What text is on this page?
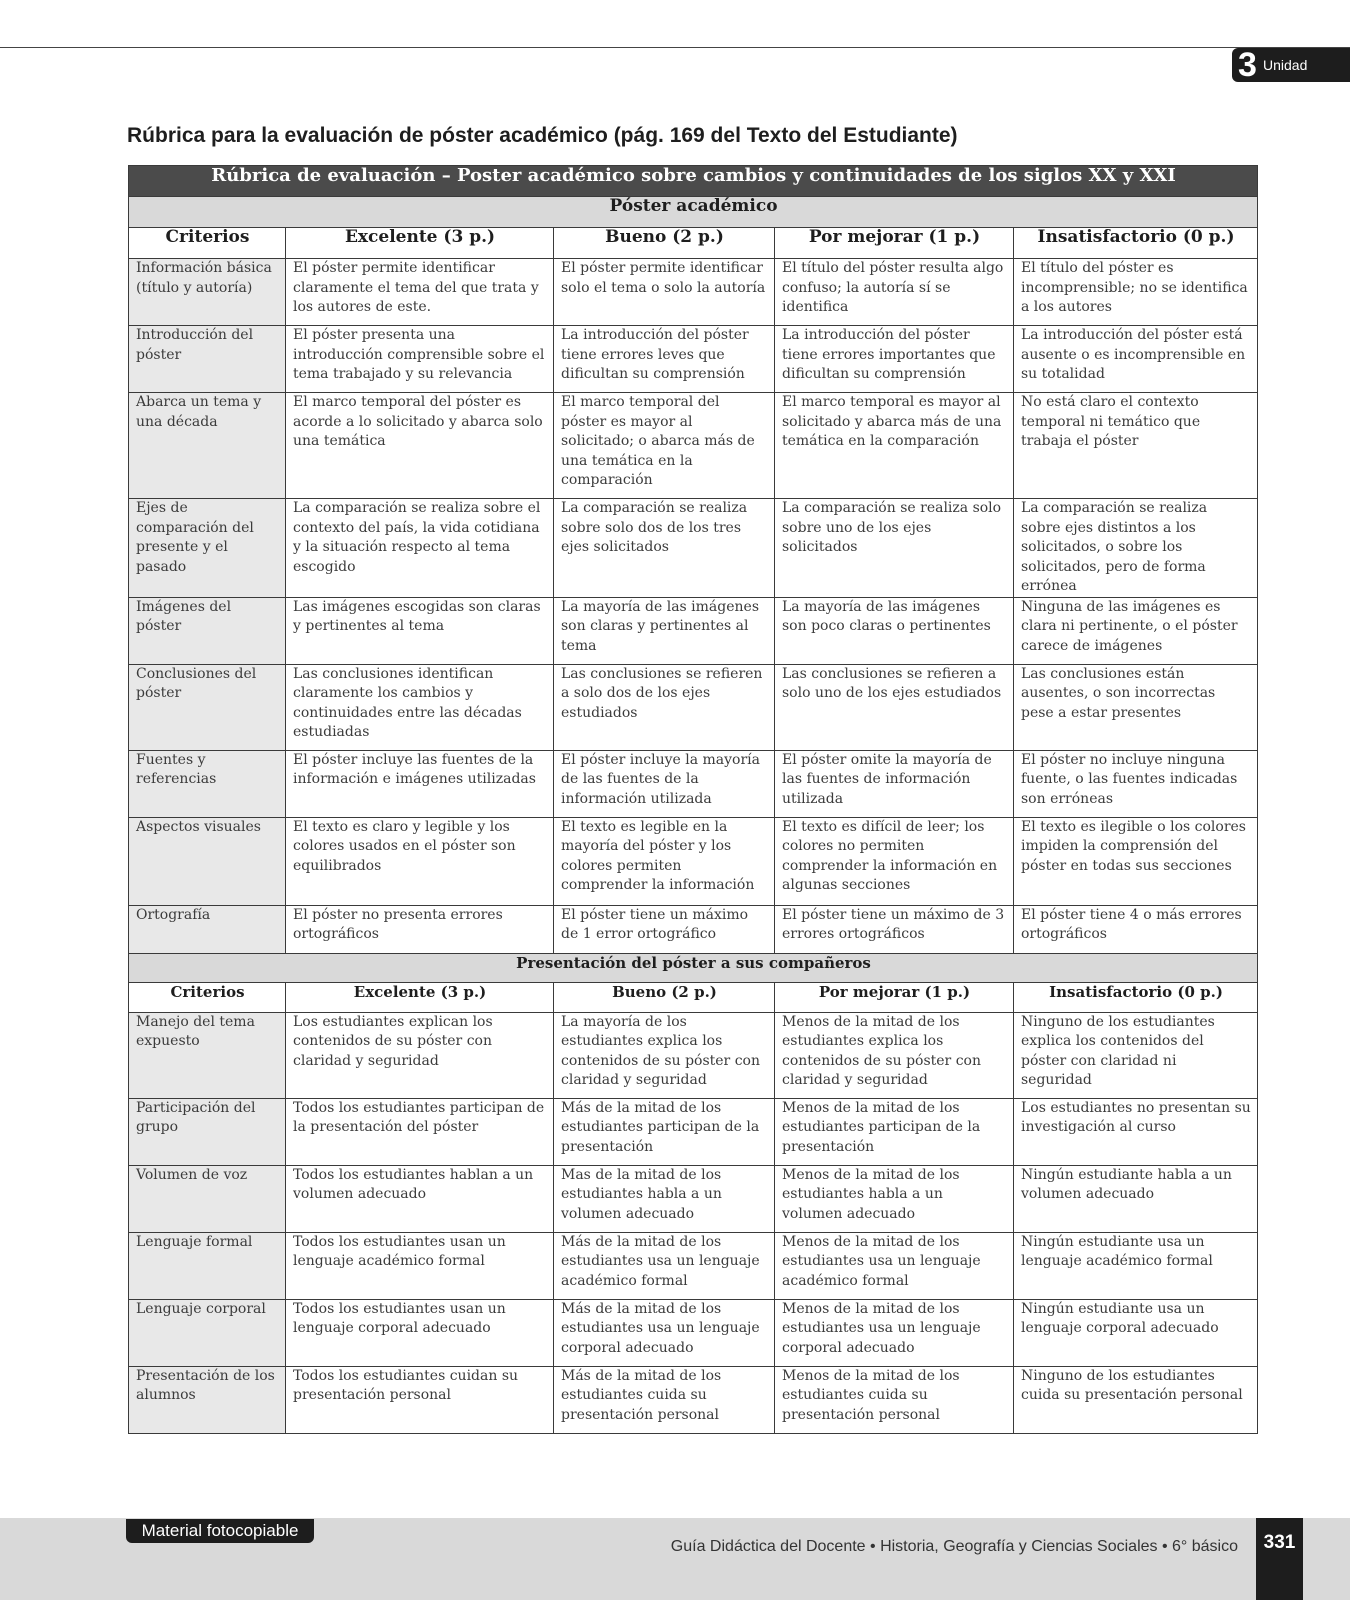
3 Unidad
Rúbrica para la evaluación de póster académico (pág. 169 del Texto del Estudiante)
Rúbrica de evaluación – Poster académico sobre cambios y continuidades de los siglos XX y XXI				
Póster académico				
Criterios	Excelente (3 p.)	Bueno (2 p.)	Por mejorar (1 p.)	Insatisfactorio (0 p.)
Información básica (título y autoría)	El póster permite identificar claramente el tema del que trata y los autores de este.	El póster permite identificar solo el tema o solo la autoría	El título del póster resulta algo confuso; la autoría sí se identifica	El título del póster es incomprensible; no se identifica a los autores
Introducción del póster	El póster presenta una introducción comprensible sobre el tema trabajado y su relevancia	La introducción del póster tiene errores leves que dificultan su comprensión	La introducción del póster tiene errores importantes que dificultan su comprensión	La introducción del póster está ausente o es incomprensible en su totalidad
Abarca un tema y una década	El marco temporal del póster es acorde a lo solicitado y abarca solo una temática	El marco temporal del póster es mayor al solicitado; o abarca más de una temática en la comparación	El marco temporal es mayor al solicitado y abarca más de una temática en la comparación	No está claro el contexto temporal ni temático que trabaja el póster
Ejes de comparación del presente y el pasado	La comparación se realiza sobre el contexto del país, la vida cotidiana y la situación respecto al tema escogido	La comparación se realiza sobre solo dos de los tres ejes solicitados	La comparación se realiza solo sobre uno de los ejes solicitados	La comparación se realiza sobre ejes distintos a los solicitados, o sobre los solicitados, pero de forma errónea
Imágenes del póster	Las imágenes escogidas son claras y pertinentes al tema	La mayoría de las imágenes son claras y pertinentes al tema	La mayoría de las imágenes son poco claras o pertinentes	Ninguna de las imágenes es clara ni pertinente, o el póster carece de imágenes
Conclusiones del póster	Las conclusiones identifican claramente los cambios y continuidades entre las décadas estudiadas	Las conclusiones se refieren a solo dos de los ejes estudiados	Las conclusiones se refieren a solo uno de los ejes estudiados	Las conclusiones están ausentes, o son incorrectas pese a estar presentes
Fuentes y referencias	El póster incluye las fuentes de la información e imágenes utilizadas	El póster incluye la mayoría de las fuentes de la información utilizada	El póster omite la mayoría de las fuentes de información utilizada	El póster no incluye ninguna fuente, o las fuentes indicadas son erróneas
Aspectos visuales	El texto es claro y legible y los colores usados en el póster son equilibrados	El texto es legible en la mayoría del póster y los colores permiten comprender la información	El texto es difícil de leer; los colores no permiten comprender la información en algunas secciones	El texto es ilegible o los colores impiden la comprensión del póster en todas sus secciones
Ortografía	El póster no presenta errores ortográficos	El póster tiene un máximo de 1 error ortográfico	El póster tiene un máximo de 3 errores ortográficos	El póster tiene 4 o más errores ortográficos
Presentación del póster a sus compañeros				
Criterios	Excelente (3 p.)	Bueno (2 p.)	Por mejorar (1 p.)	Insatisfactorio (0 p.)
Manejo del tema expuesto	Los estudiantes explican los contenidos de su póster con claridad y seguridad	La mayoría de los estudiantes explica los contenidos de su póster con claridad y seguridad	Menos de la mitad de los estudiantes explica los contenidos de su póster con claridad y seguridad	Ninguno de los estudiantes explica los contenidos del póster con claridad ni seguridad
Participación del grupo	Todos los estudiantes participan de la presentación del póster	Más de la mitad de los estudiantes participan de la presentación	Menos de la mitad de los estudiantes participan de la presentación	Los estudiantes no presentan su investigación al curso
Volumen de voz	Todos los estudiantes hablan a un volumen adecuado	Mas de la mitad de los estudiantes habla a un volumen adecuado	Menos de la mitad de los estudiantes habla a un volumen adecuado	Ningún estudiante habla a un volumen adecuado
Lenguaje formal	Todos los estudiantes usan un lenguaje académico formal	Más de la mitad de los estudiantes usa un lenguaje académico formal	Menos de la mitad de los estudiantes usa un lenguaje académico formal	Ningún estudiante usa un lenguaje académico formal
Lenguaje corporal	Todos los estudiantes usan un lenguaje corporal adecuado	Más de la mitad de los estudiantes usa un lenguaje corporal adecuado	Menos de la mitad de los estudiantes usa un lenguaje corporal adecuado	Ningún estudiante usa un lenguaje corporal adecuado
Presentación de los alumnos	Todos los estudiantes cuidan su presentación personal	Más de la mitad de los estudiantes cuida su presentación personal	Menos de la mitad de los estudiantes cuida su presentación personal	Ninguno de los estudiantes cuida su presentación personal
Material fotocopiable
Guía Didáctica del Docente • Historia, Geografía y Ciencias Sociales • 6° básico	331
